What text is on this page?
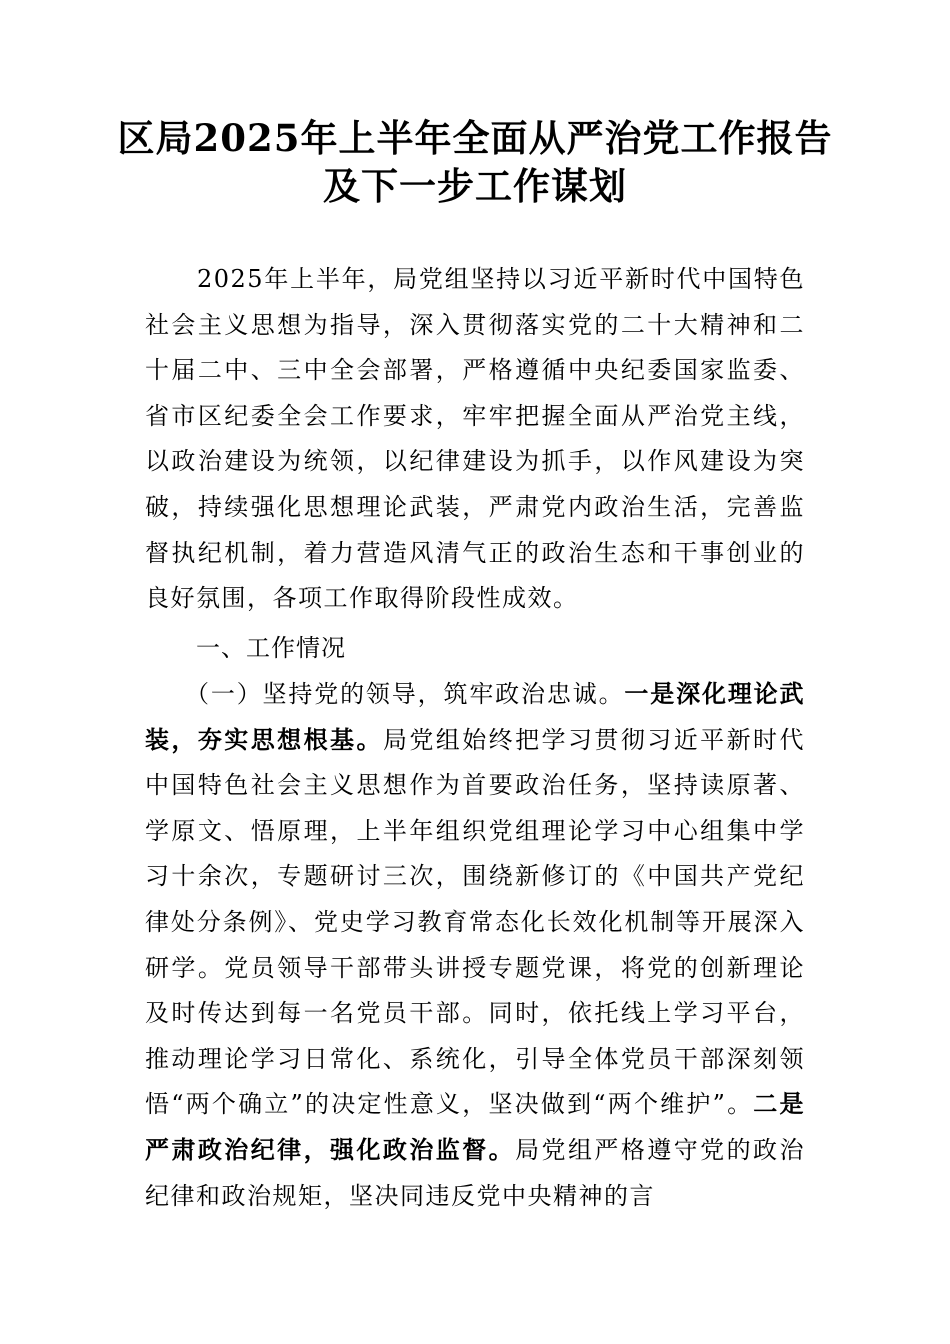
区局2025年上半年全面从严治党工作报告
及下一步工作谋划
2025年上半年，局党组坚持以习近平新时代中国特色社会主义思想为指导，深入贯彻落实党的二十大精神和二十届二中、三中全会部署，严格遵循中央纪委国家监委、省市区纪委全会工作要求，牢牢把握全面从严治党主线，以政治建设为统领，以纪律建设为抓手，以作风建设为突破，持续强化思想理论武装，严肃党内政治生活，完善监督执纪机制，着力营造风清气正的政治生态和干事创业的良好氛围，各项工作取得阶段性成效。
一、工作情况
（一）坚持党的领导，筑牢政治忠诚。一是深化理论武装，夯实思想根基。局党组始终把学习贯彻习近平新时代中国特色社会主义思想作为首要政治任务，坚持读原著、学原文、悟原理，上半年组织党组理论学习中心组集中学习十余次，专题研讨三次，围绕新修订的《中国共产党纪律处分条例》、党史学习教育常态化长效化机制等开展深入研学。党员领导干部带头讲授专题党课，将党的创新理论及时传达到每一名党员干部。同时，依托线上学习平台，推动理论学习日常化、系统化，引导全体党员干部深刻领悟“两个确立”的决定性意义，坚决做到“两个维护”。二是严肃政治纪律，强化政治监督。局党组严格遵守党的政治纪律和政治规矩，坚决同违反党中央精神的言
